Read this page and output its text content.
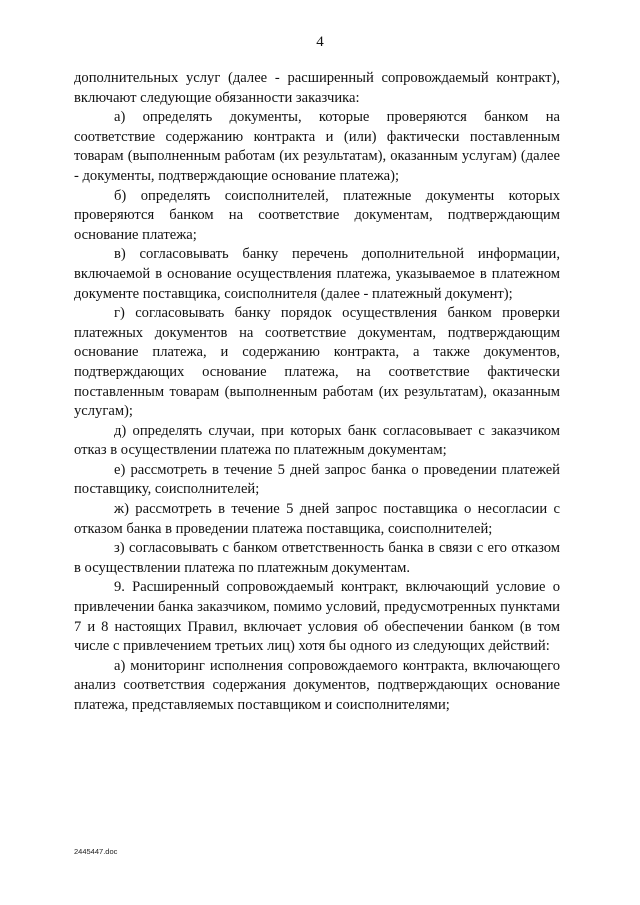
4

дополнительных услуг (далее - расширенный сопровождаемый контракт), включают следующие обязанности заказчика:

а) определять документы, которые проверяются банком на соответствие содержанию контракта и (или) фактически поставленным товарам (выполненным работам (их результатам), оказанным услугам) (далее - документы, подтверждающие основание платежа);

б) определять соисполнителей, платежные документы которых проверяются банком на соответствие документам, подтверждающим основание платежа;

в) согласовывать банку перечень дополнительной информации, включаемой в основание осуществления платежа, указываемое в платежном документе поставщика, соисполнителя (далее - платежный документ);

г) согласовывать банку порядок осуществления банком проверки платежных документов на соответствие документам, подтверждающим основание платежа, и содержанию контракта, а также документов, подтверждающих основание платежа, на соответствие фактически поставленным товарам (выполненным работам (их результатам), оказанным услугам);

д) определять случаи, при которых банк согласовывает с заказчиком отказ в осуществлении платежа по платежным документам;

е) рассмотреть в течение 5 дней запрос банка о проведении платежей поставщику, соисполнителей;

ж) рассмотреть в течение 5 дней запрос поставщика о несогласии с отказом банка в проведении платежа поставщика, соисполнителей;

з) согласовывать с банком ответственность банка в связи с его отказом в осуществлении платежа по платежным документам.

9. Расширенный сопровождаемый контракт, включающий условие о привлечении банка заказчиком, помимо условий, предусмотренных пунктами 7 и 8 настоящих Правил, включает условия об обеспечении банком (в том числе с привлечением третьих лиц) хотя бы одного из следующих действий:

а) мониторинг исполнения сопровождаемого контракта, включающего анализ соответствия содержания документов, подтверждающих основание платежа, представляемых поставщиком и соисполнителями;

2445447.doc
